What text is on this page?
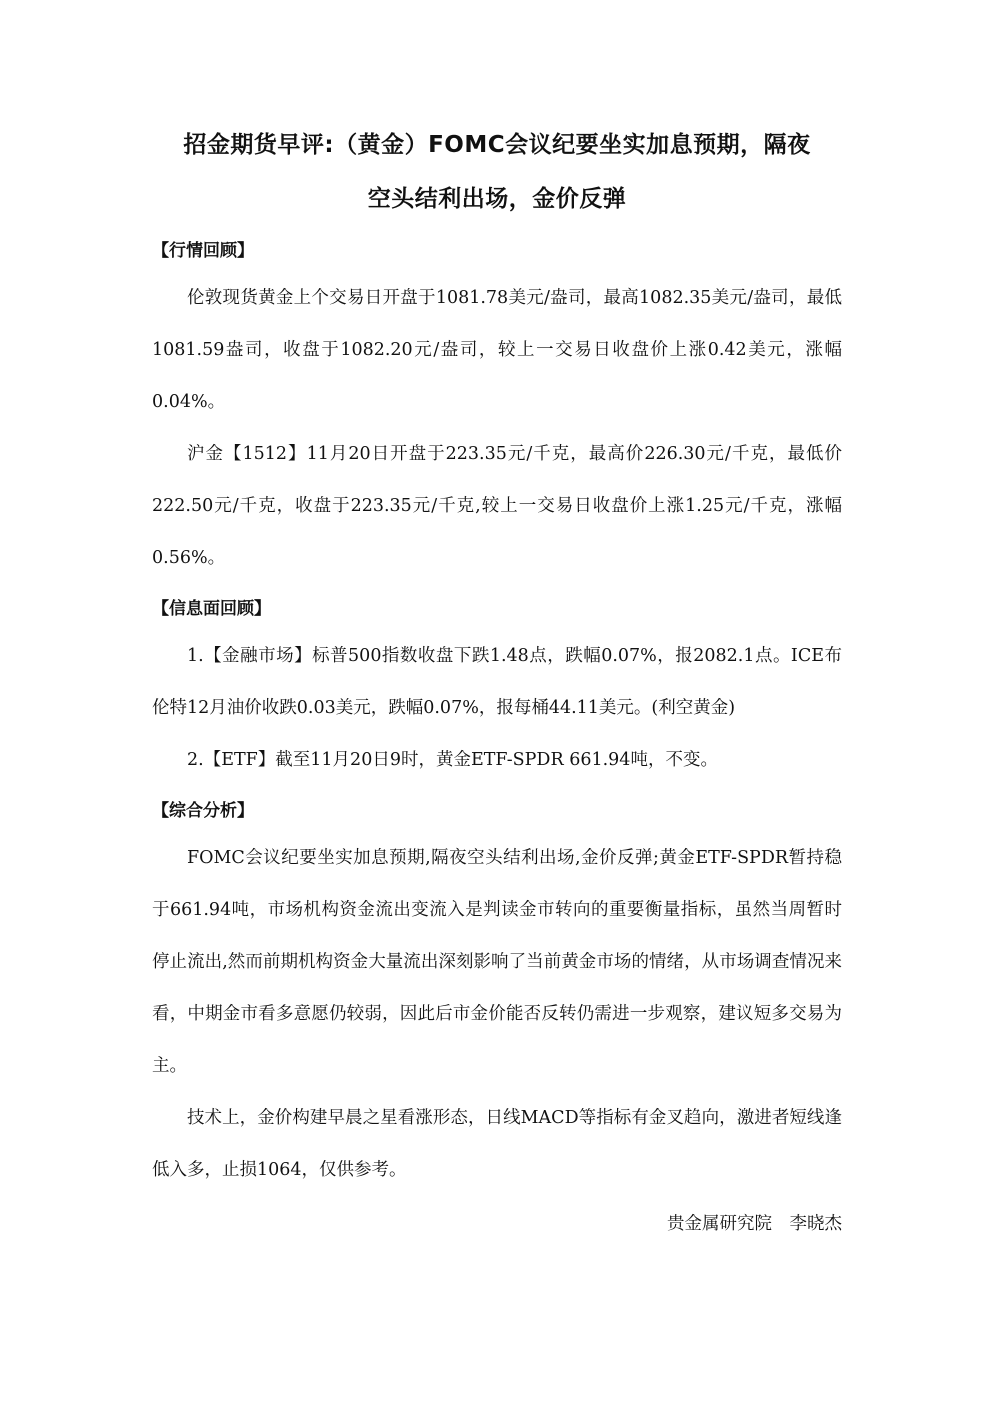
招金期货早评:（黄金）FOMC会议纪要坐实加息预期，隔夜
空头结利出场，金价反弹
【行情回顾】

伦敦现货黄金上个交易日开盘于1081.78美元/盎司，最高1082.35美元/盎司，最低1081.59盎司，收盘于1082.20元/盎司，较上一交易日收盘价上涨0.42美元，涨幅0.04%。

沪金【1512】11月20日开盘于223.35元/千克，最高价226.30元/千克，最低价222.50元/千克，收盘于223.35元/千克,较上一交易日收盘价上涨1.25元/千克，涨幅0.56%。

【信息面回顾】

1.【金融市场】标普500指数收盘下跌1.48点，跌幅0.07%，报2082.1点。ICE布伦特12月油价收跌0.03美元，跌幅0.07%，报每桶44.11美元。(利空黄金)

2.【ETF】截至11月20日9时，黄金ETF-SPDR 661.94吨，不变。

【综合分析】

FOMC会议纪要坐实加息预期,隔夜空头结利出场,金价反弹;黄金ETF-SPDR暂持稳于661.94吨，市场机构资金流出变流入是判读金市转向的重要衡量指标，虽然当周暂时停止流出,然而前期机构资金大量流出深刻影响了当前黄金市场的情绪，从市场调查情况来看，中期金市看多意愿仍较弱，因此后市金价能否反转仍需进一步观察，建议短多交易为主。

技术上，金价构建早晨之星看涨形态，日线MACD等指标有金叉趋向，激进者短线逢低入多，止损1064，仅供参考。

贵金属研究院　李晓杰
